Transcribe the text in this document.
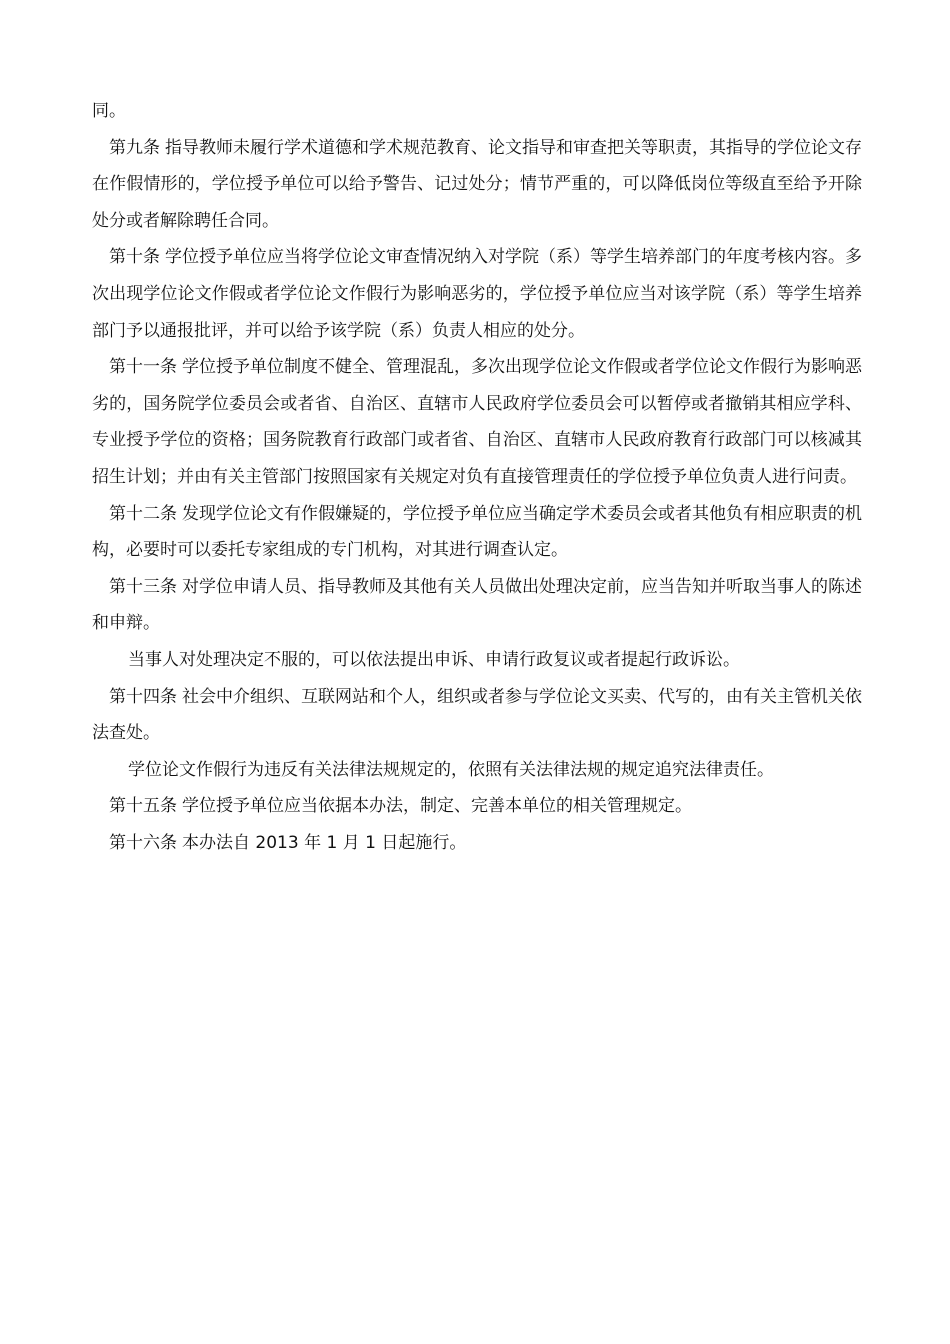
同。

第九条 指导教师未履行学术道德和学术规范教育、论文指导和审查把关等职责，其指导的学位论文存在作假情形的，学位授予单位可以给予警告、记过处分；情节严重的，可以降低岗位等级直至给予开除处分或者解除聘任合同。

第十条 学位授予单位应当将学位论文审查情况纳入对学院（系）等学生培养部门的年度考核内容。多次出现学位论文作假或者学位论文作假行为影响恶劣的，学位授予单位应当对该学院（系）等学生培养部门予以通报批评，并可以给予该学院（系）负责人相应的处分。

第十一条 学位授予单位制度不健全、管理混乱，多次出现学位论文作假或者学位论文作假行为影响恶劣的，国务院学位委员会或者省、自治区、直辖市人民政府学位委员会可以暂停或者撤销其相应学科、专业授予学位的资格；国务院教育行政部门或者省、自治区、直辖市人民政府教育行政部门可以核减其招生计划；并由有关主管部门按照国家有关规定对负有直接管理责任的学位授予单位负责人进行问责。

第十二条 发现学位论文有作假嫌疑的，学位授予单位应当确定学术委员会或者其他负有相应职责的机构，必要时可以委托专家组成的专门机构，对其进行调查认定。

第十三条 对学位申请人员、指导教师及其他有关人员做出处理决定前，应当告知并听取当事人的陈述和申辩。

当事人对处理决定不服的，可以依法提出申诉、申请行政复议或者提起行政诉讼。

第十四条 社会中介组织、互联网站和个人，组织或者参与学位论文买卖、代写的，由有关主管机关依法查处。

学位论文作假行为违反有关法律法规规定的，依照有关法律法规的规定追究法律责任。

第十五条 学位授予单位应当依据本办法，制定、完善本单位的相关管理规定。

第十六条 本办法自 2013 年 1 月 1 日起施行。
